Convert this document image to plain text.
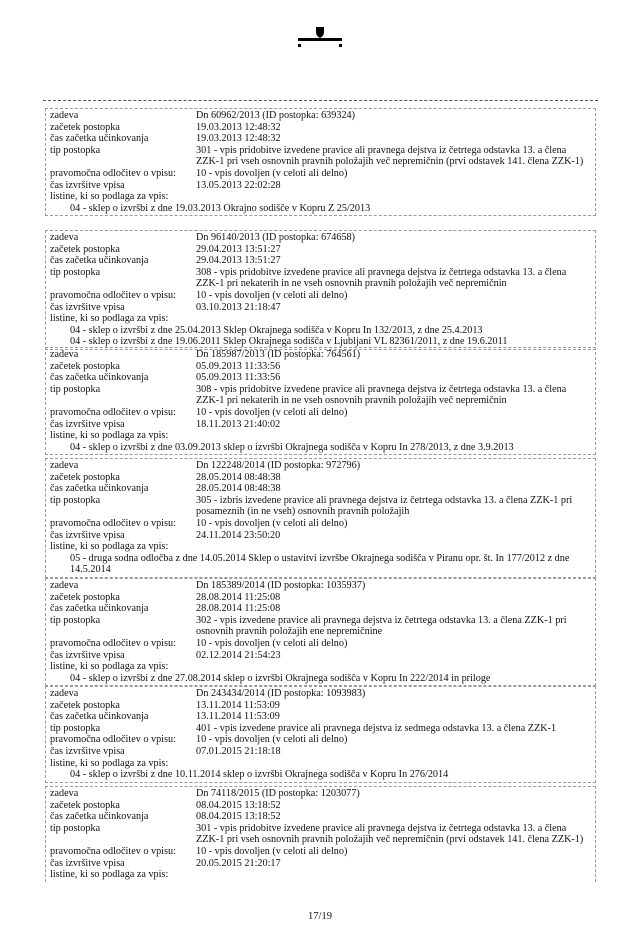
zadeva	Dn 60962/2013 (ID postopka: 639324)
začetek postopka	19.03.2013 12:48:32
čas začetka učinkovanja	19.03.2013 12:48:32
tip postopka	301 - vpis pridobitve izvedene pravice ali pravnega dejstva iz četrtega odstavka 13. a člena ZZK-1 pri vseh osnovnih pravnih položajih več nepremičnin (prvi odstavek 141. člena ZZK-1)
pravomočna odločitev o vpisu:	10 - vpis dovoljen (v celoti ali delno)
čas izvršitve vpisa	13.05.2013 22:02:28
listine, ki so podlaga za vpis:
04 - sklep o izvršbi z dne 19.03.2013 Okrajno sodišče v Kopru Z 25/2013
zadeva	Dn 96140/2013 (ID postopka: 674658)
začetek postopka	29.04.2013 13:51:27
čas začetka učinkovanja	29.04.2013 13:51:27
tip postopka	308 - vpis pridobitve izvedene pravice ali pravnega dejstva iz četrtega odstavka 13. a člena ZZK-1 pri nekaterih in ne vseh osnovnih pravnih položajih več nepremičnin
pravomočna odločitev o vpisu:	10 - vpis dovoljen (v celoti ali delno)
čas izvršitve vpisa	03.10.2013 21:18:47
listine, ki so podlaga za vpis:
04 - sklep o izvršbi z dne 25.04.2013 Sklep Okrajnega sodišča v Kopru In 132/2013, z dne 25.4.2013
04 - sklep o izvršbi z dne 19.06.2011 Sklep Okrajnega sodišča v Ljubljani VL 82361/2011, z dne 19.6.2011
zadeva	Dn 185987/2013 (ID postopka: 764561)
začetek postopka	05.09.2013 11:33:56
čas začetka učinkovanja	05.09.2013 11:33:56
tip postopka	308 - vpis pridobitve izvedene pravice ali pravnega dejstva iz četrtega odstavka 13. a člena ZZK-1 pri nekaterih in ne vseh osnovnih pravnih položajih več nepremičnin
pravomočna odločitev o vpisu:	10 - vpis dovoljen (v celoti ali delno)
čas izvršitve vpisa	18.11.2013 21:40:02
listine, ki so podlaga za vpis:
04 - sklep o izvršbi z dne 03.09.2013 sklep o izvršbi Okrajnega sodišča v Kopru In 278/2013, z dne 3.9.2013
zadeva	Dn 122248/2014 (ID postopka: 972796)
začetek postopka	28.05.2014 08:48:38
čas začetka učinkovanja	28.05.2014 08:48:38
tip postopka	305 - izbris izvedene pravice ali pravnega dejstva iz četrtega odstavka 13. a člena ZZK-1 pri posameznih (in ne vseh) osnovnih pravnih položajih
pravomočna odločitev o vpisu:	10 - vpis dovoljen (v celoti ali delno)
čas izvršitve vpisa	24.11.2014 23:50:20
listine, ki so podlaga za vpis:
05 - druga sodna odločba z dne 14.05.2014 Sklep o ustavitvi izvršbe Okrajnega sodišča v Piranu opr. št. In 177/2012 z dne 14.5.2014
zadeva	Dn 185389/2014 (ID postopka: 1035937)
začetek postopka	28.08.2014 11:25:08
čas začetka učinkovanja	28.08.2014 11:25:08
tip postopka	302 - vpis izvedene pravice ali pravnega dejstva iz četrtega odstavka 13. a člena ZZK-1 pri osnovnih pravnih položajih ene nepremičnine
pravomočna odločitev o vpisu:	10 - vpis dovoljen (v celoti ali delno)
čas izvršitve vpisa	02.12.2014 21:54:23
listine, ki so podlaga za vpis:
04 - sklep o izvršbi z dne 27.08.2014 sklep o izvršbi Okrajnega sodišča v Kopru In 222/2014 in priloge
zadeva	Dn 243434/2014 (ID postopka: 1093983)
začetek postopka	13.11.2014 11:53:09
čas začetka učinkovanja	13.11.2014 11:53:09
tip postopka	401 - vpis izvedene pravice ali pravnega dejstva iz sedmega odstavka 13. a člena ZZK-1
pravomočna odločitev o vpisu:	10 - vpis dovoljen (v celoti ali delno)
čas izvršitve vpisa	07.01.2015 21:18:18
listine, ki so podlaga za vpis:
04 - sklep o izvršbi z dne 10.11.2014 sklep o izvršbi Okrajnega sodišča v Kopru In 276/2014
zadeva	Dn 74118/2015 (ID postopka: 1203077)
začetek postopka	08.04.2015 13:18:52
čas začetka učinkovanja	08.04.2015 13:18:52
tip postopka	301 - vpis pridobitve izvedene pravice ali pravnega dejstva iz četrtega odstavka 13. a člena ZZK-1 pri vseh osnovnih pravnih položajih več nepremičnin (prvi odstavek 141. člena ZZK-1)
pravomočna odločitev o vpisu:	10 - vpis dovoljen (v celoti ali delno)
čas izvršitve vpisa	20.05.2015 21:20:17
listine, ki so podlaga za vpis:
17/19
